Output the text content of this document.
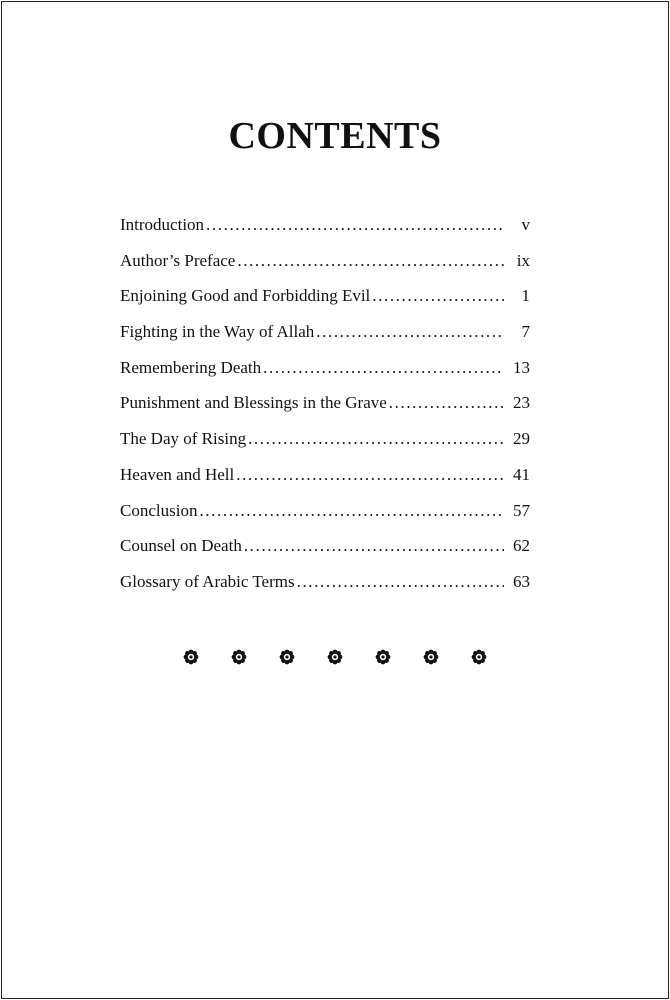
CONTENTS
Introduction .....	v
Author’s Preface .....	ix
Enjoining Good and Forbidding Evil .....	1
Fighting in the Way of Allah .....	7
Remembering Death .....	13
Punishment and Blessings in the Grave .....	23
The Day of Rising .....	29
Heaven and Hell .....	41
Conclusion .....	57
Counsel on Death .....	62
Glossary of Arabic Terms .....	63
